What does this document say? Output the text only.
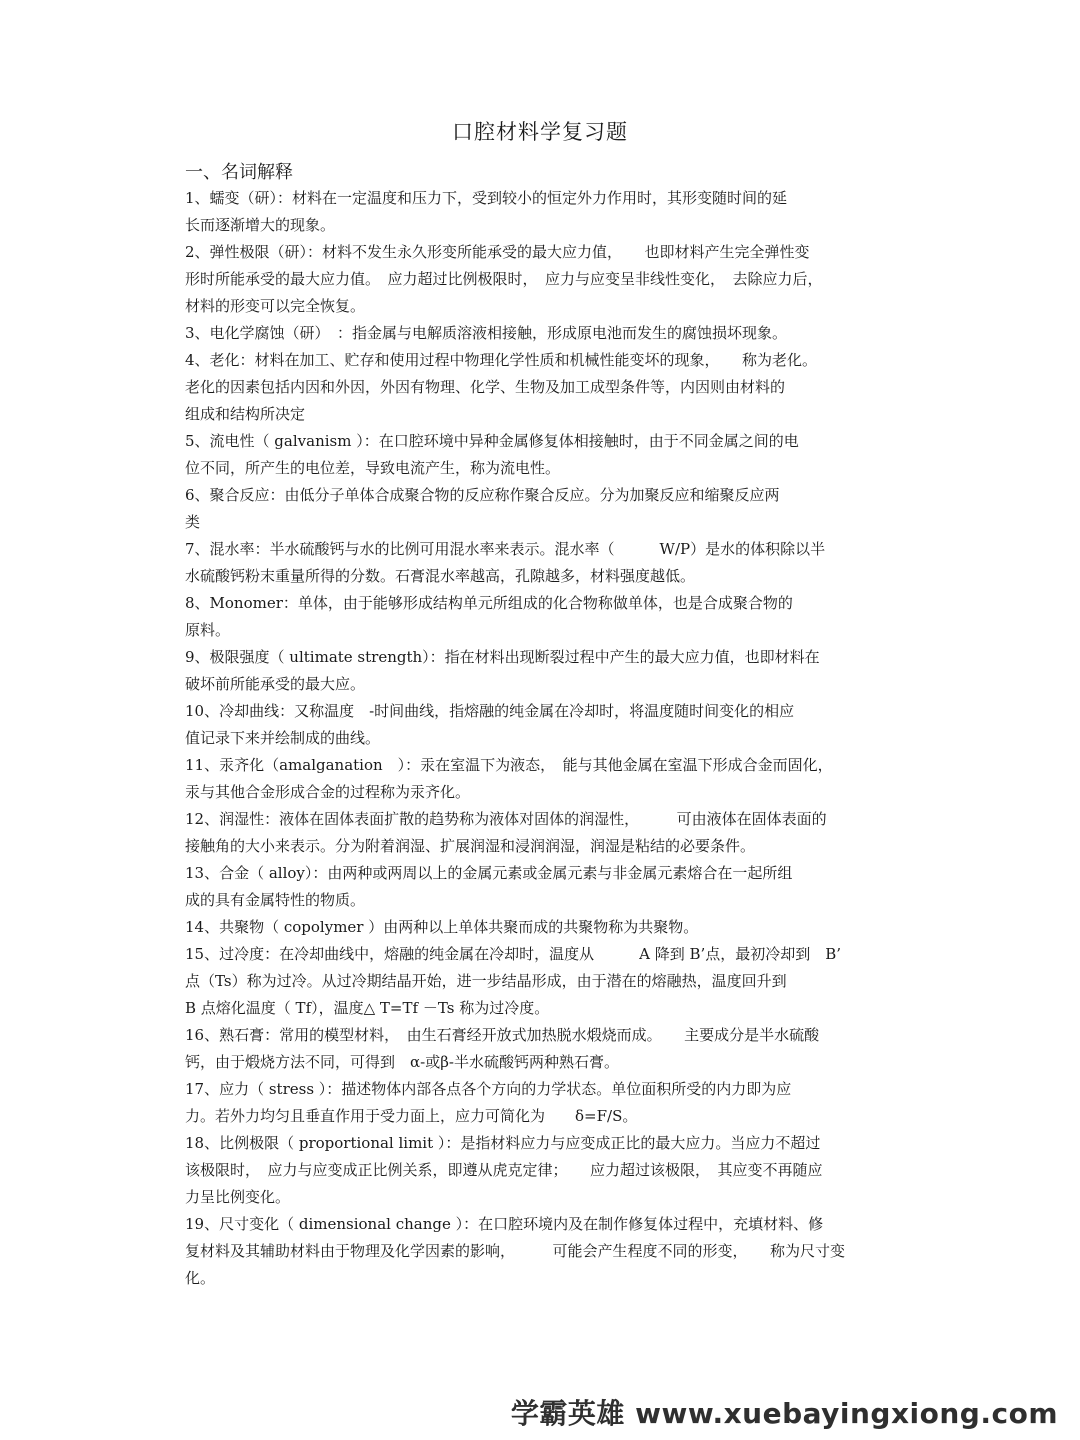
口腔材料学复习题
一、名词解释

1、蠕变（研）：材料在一定温度和压力下，受到较小的恒定外力作用时，其形变随时间的延
长而逐渐增大的现象。

2、弹性极限（研）：材料不发生永久形变所能承受的最大应力值，　　也即材料产生完全弹性变
形时所能承受的最大应力值。　应力超过比例极限时，　应力与应变呈非线性变化，　去除应力后，
材料的形变可以完全恢复。

3、电化学腐蚀（研）　：指金属与电解质溶液相接触，形成原电池而发生的腐蚀损坏现象。

4、老化：材料在加工、贮存和使用过程中物理化学性质和机械性能变坏的现象，　　称为老化。
老化的因素包括内因和外因，外因有物理、化学、生物及加工成型条件等，内因则由材料的
组成和结构所决定

5、流电性（ galvanism ）：在口腔环境中异种金属修复体相接触时，由于不同金属之间的电
位不同，所产生的电位差，导致电流产生，称为流电性。

6、聚合反应：由低分子单体合成聚合物的反应称作聚合反应。分为加聚反应和缩聚反应两
类

7、混水率：半水硫酸钙与水的比例可用混水率来表示。混水率（　　　W/P）是水的体积除以半
水硫酸钙粉末重量所得的分数。石膏混水率越高，孔隙越多，材料强度越低。

8、Monomer：单体，由于能够形成结构单元所组成的化合物称做单体，也是合成聚合物的
原料。

9、极限强度（ ultimate strength）：指在材料出现断裂过程中产生的最大应力值，也即材料在
破坏前所能承受的最大应。

10、冷却曲线：又称温度　-时间曲线，指熔融的纯金属在冷却时，将温度随时间变化的相应
值记录下来并绘制成的曲线。

11、汞齐化（amalganation　）：汞在室温下为液态，　能与其他金属在室温下形成合金而固化，
汞与其他合金形成合金的过程称为汞齐化。

12、润湿性：液体在固体表面扩散的趋势称为液体对固体的润湿性，　　　可由液体在固体表面的
接触角的大小来表示。分为附着润湿、扩展润湿和浸润润湿，润湿是粘结的必要条件。

13、合金（ alloy）：由两种或两周以上的金属元素或金属元素与非金属元素熔合在一起所组
成的具有金属特性的物质。

14、共聚物（ copolymer ）由两种以上单体共聚而成的共聚物称为共聚物。

15、过冷度：在冷却曲线中，熔融的纯金属在冷却时，温度从　　　A 降到 B’点，最初冷却到　B’
点（Ts）称为过冷。从过冷期结晶开始，进一步结晶形成，由于潜在的熔融热，温度回升到
B 点熔化温度（ Tf），温度△ T=Tf －Ts 称为过冷度。

16、熟石膏：常用的模型材料，　由生石膏经开放式加热脱水煅烧而成。　　主要成分是半水硫酸
钙，由于煅烧方法不同，可得到　α-或β-半水硫酸钙两种熟石膏。

17、应力（ stress ）：描述物体内部各点各个方向的力学状态。单位面积所受的内力即为应
力。若外力均匀且垂直作用于受力面上，应力可简化为　　δ=F/S。

18、比例极限（ proportional limit ）：是指材料应力与应变成正比的最大应力。当应力不超过
该极限时，　应力与应变成正比例关系，即遵从虎克定律；　　应力超过该极限，　其应变不再随应
力呈比例变化。

19、尺寸变化（ dimensional change ）：在口腔环境内及在制作修复体过程中，充填材料、修
复材料及其辅助材料由于物理及化学因素的影响，　　　可能会产生程度不同的形变，　　称为尺寸变
化。

学霸英雄 www.xuebayingxiong.com
